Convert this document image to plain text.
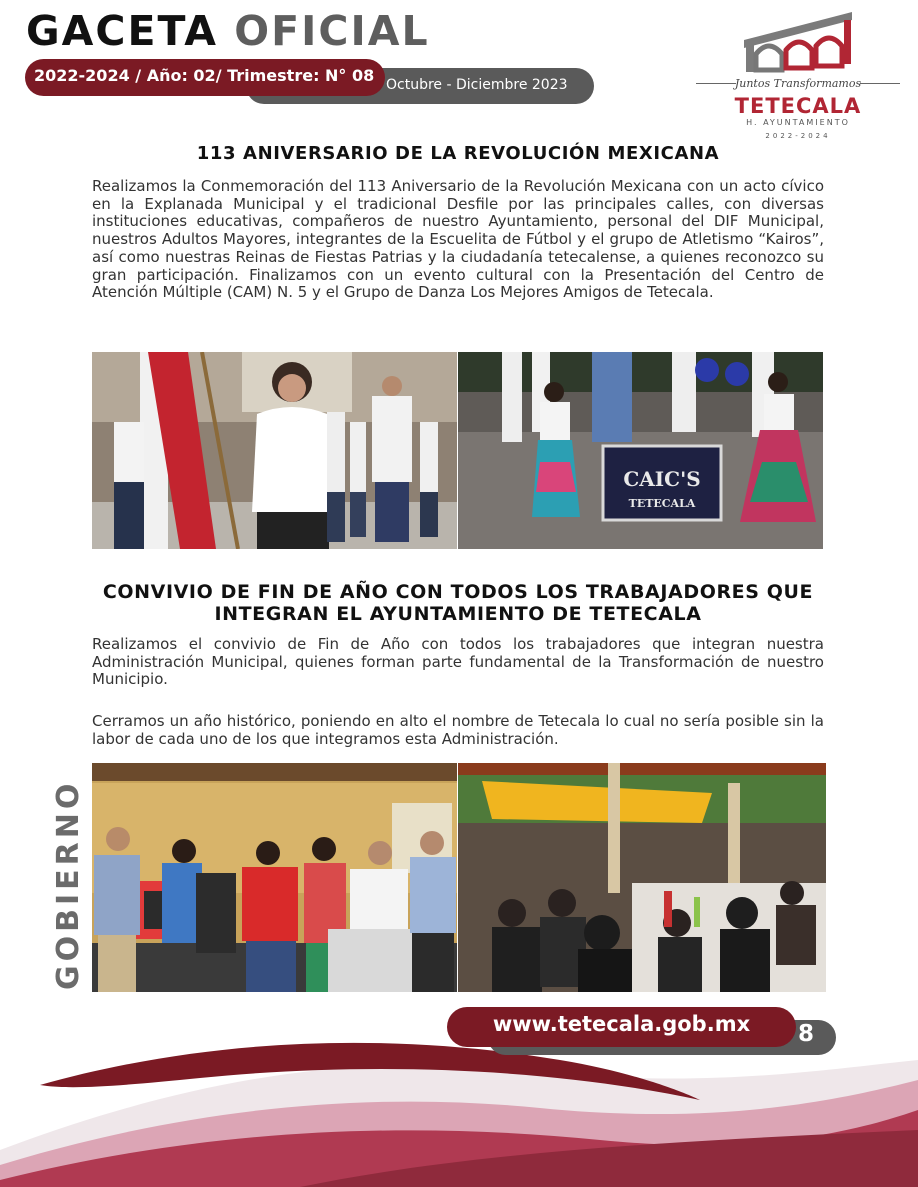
GACETA OFICIAL
Octubre - Diciembre 2023
2022-2024 / Año: 02/ Trimestre: N° 08	Juntos Transformamos
TETECALA
H. AYUNTAMIENTO
2022-2024
113 ANIVERSARIO DE LA REVOLUCIÓN MEXICANA

Realizamos la Conmemoración del 113 Aniversario de la Revolución Mexicana con un acto cívico en la Explanada Municipal y el tradicional Desfile por las principales calles, con diversas instituciones educativas, compañeros de nuestro Ayuntamiento, personal del DIF Municipal, nuestros Adultos Mayores, integrantes de la Escuelita de Fútbol y el grupo de Atletismo “Kairos”, así como nuestras Reinas de Fiestas Patrias y la ciudadanía tetecalense, a quienes reconozco su gran participación. Finalizamos con un evento cultural con la Presentación del Centro de Atención Múltiple (CAM) N. 5 y el Grupo de Danza Los Mejores Amigos de Tetecala.

CAIC'S
TETECALA
CONVIVIO DE FIN DE AÑO CON TODOS LOS TRABAJADORES QUE INTEGRAN EL AYUNTAMIENTO DE TETECALA

Realizamos el convivio de Fin de Año con todos los trabajadores que integran nuestra Administración Municipal, quienes forman parte fundamental de la Transformación de nuestro Municipio.

Cerramos un año histórico, poniendo en alto el nombre de Tetecala lo cual no sería posible sin la labor de cada uno de los que integramos esta Administración.

GOBIERNO
www.tetecala.gob.mx	8
